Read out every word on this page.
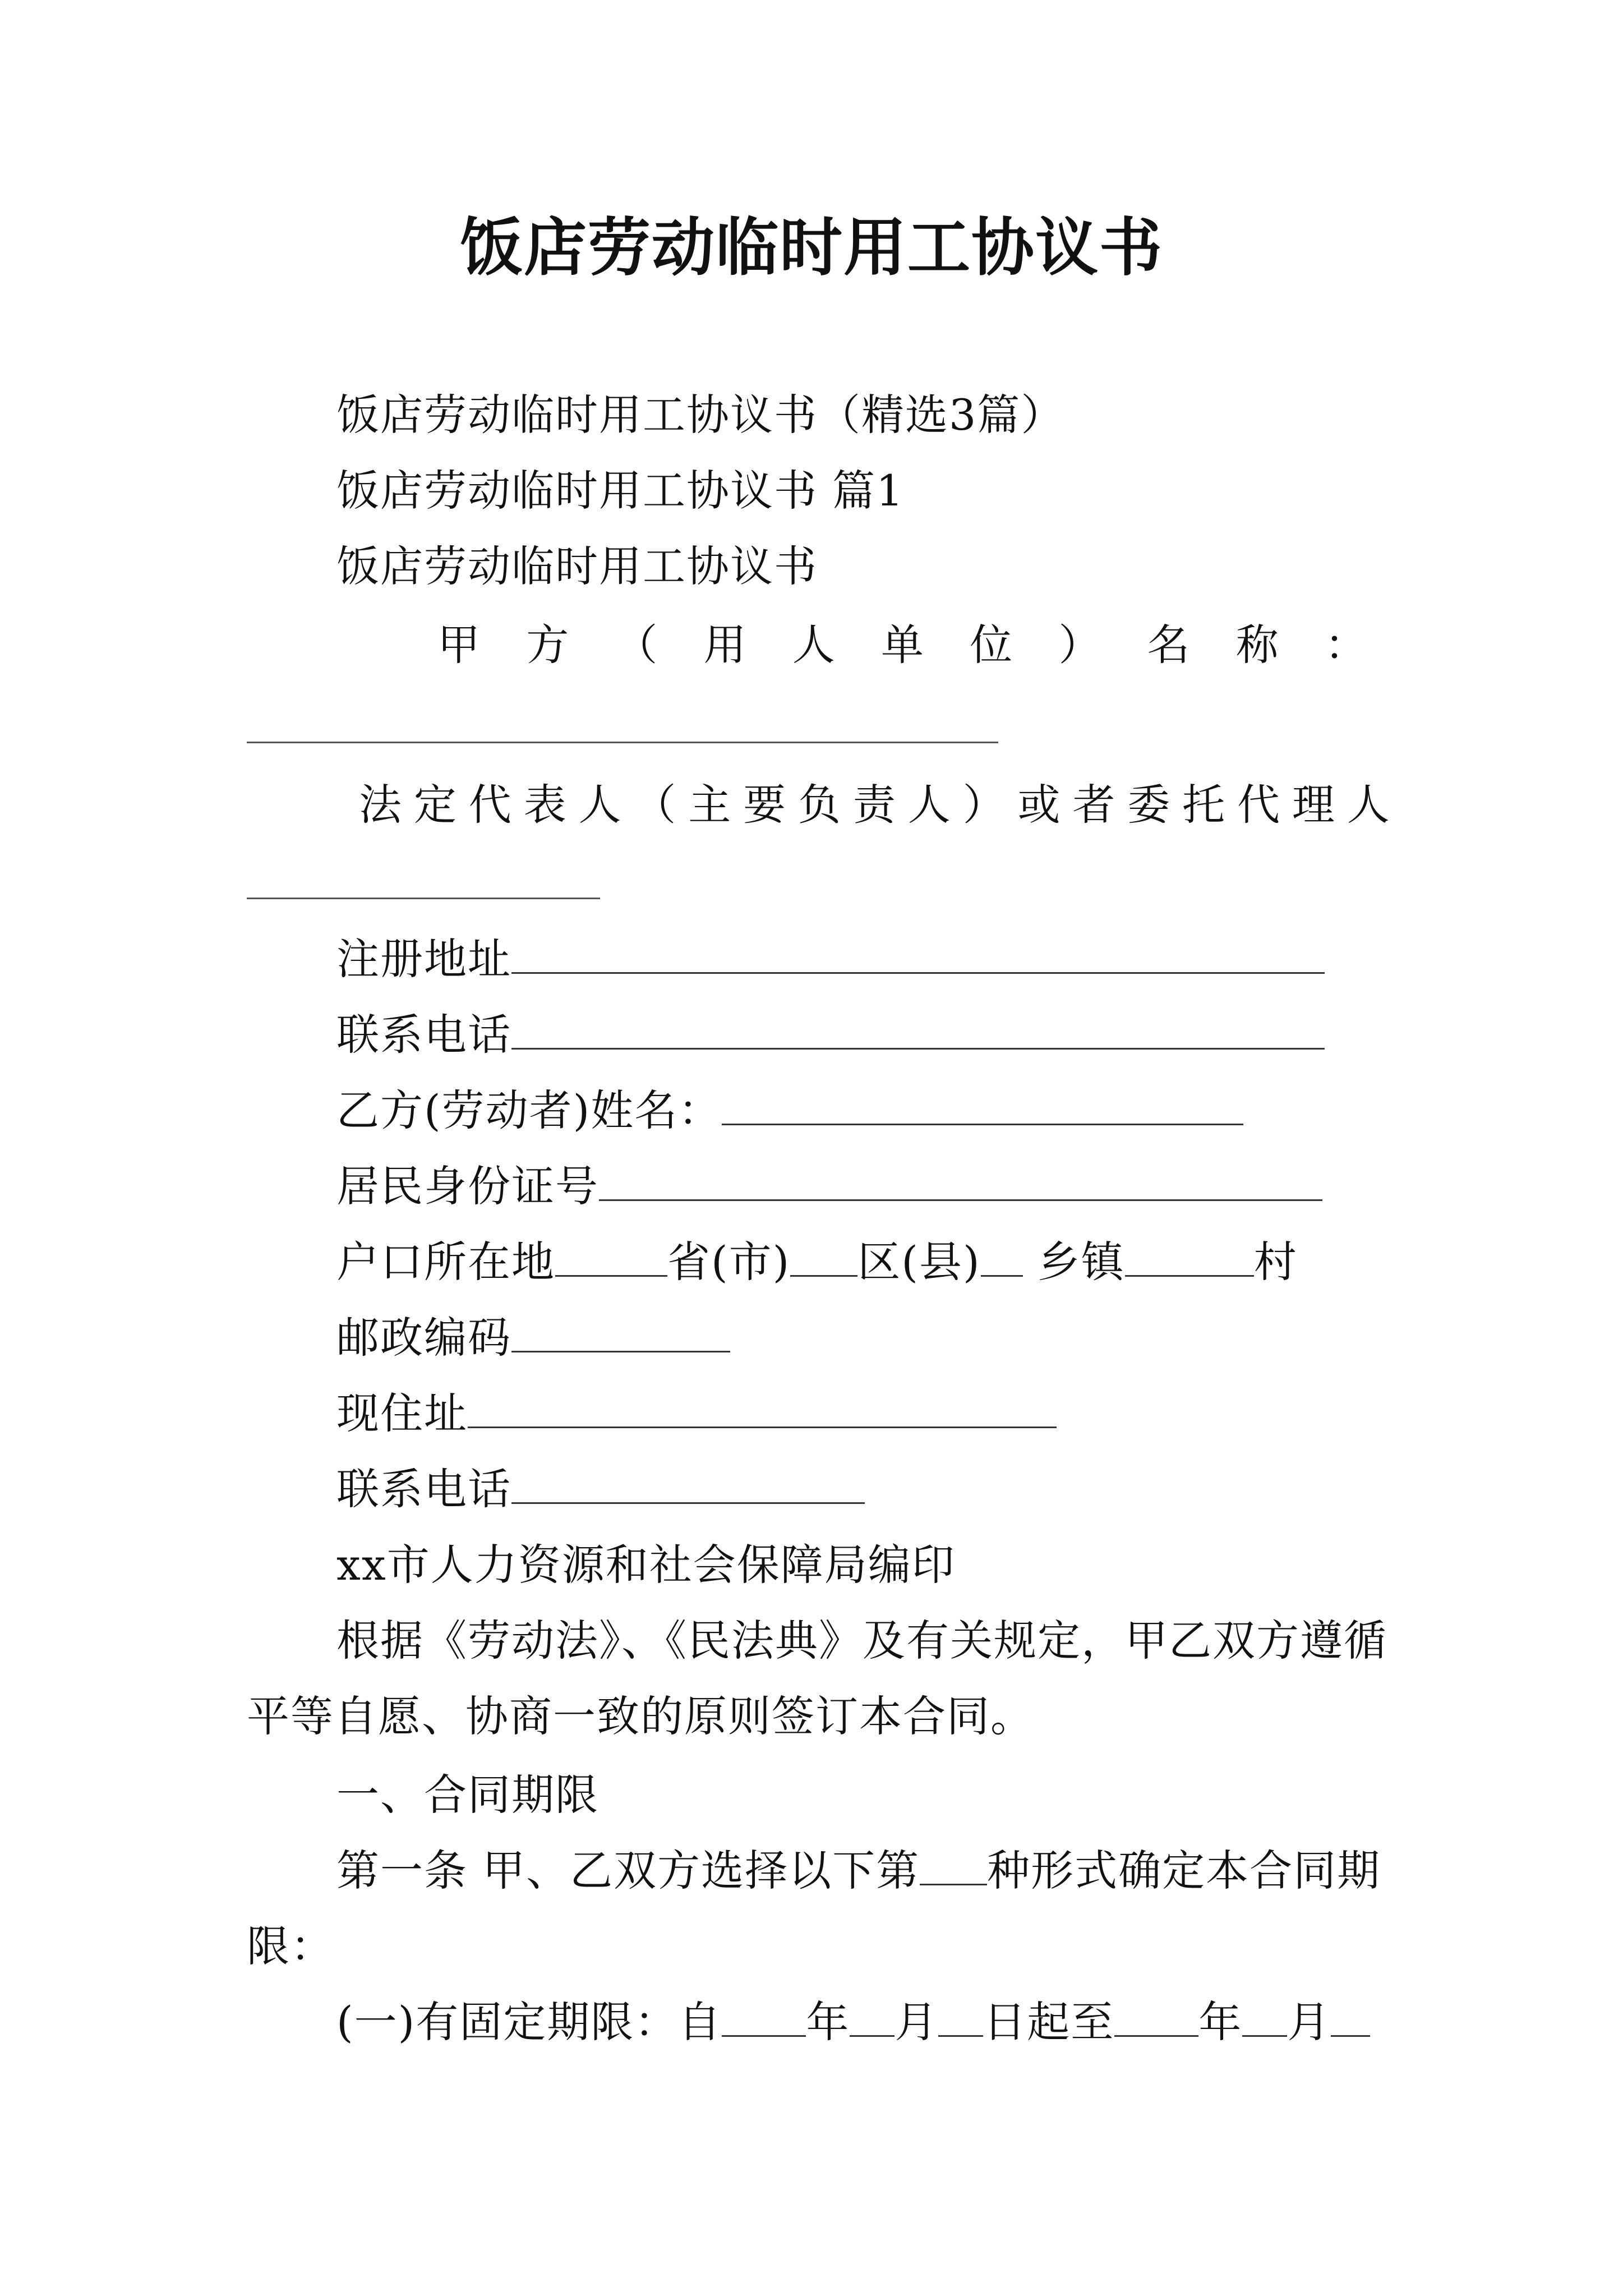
饭店劳动临时用工协议书
饭店劳动临时用工协议书（精选3篇）
饭店劳动临时用工协议书 篇1
饭店劳动临时用工协议书
甲 方 （ 用 人 单 位 ） 名 称 ：
法 定 代 表 人 （ 主 要 负 责 人 ） 或 者 委 托 代 理 人
注册地址
联系电话
乙方(劳动者)姓名：
居民身份证号
户口所在地	省(市) 区(县) 乡镇	村
邮政编码
现住址
联系电话
xx市人力资源和社会保障局编印
根据《劳动法》、《民法典》及有关规定，甲乙双方遵循
平等自愿、协商一致的原则签订本合同。
一、合同期限
第一条 甲、乙双方选择以下第 种形式确定本合同期
限：
(一)有固定期限：自 年 月 日起至 年 月
